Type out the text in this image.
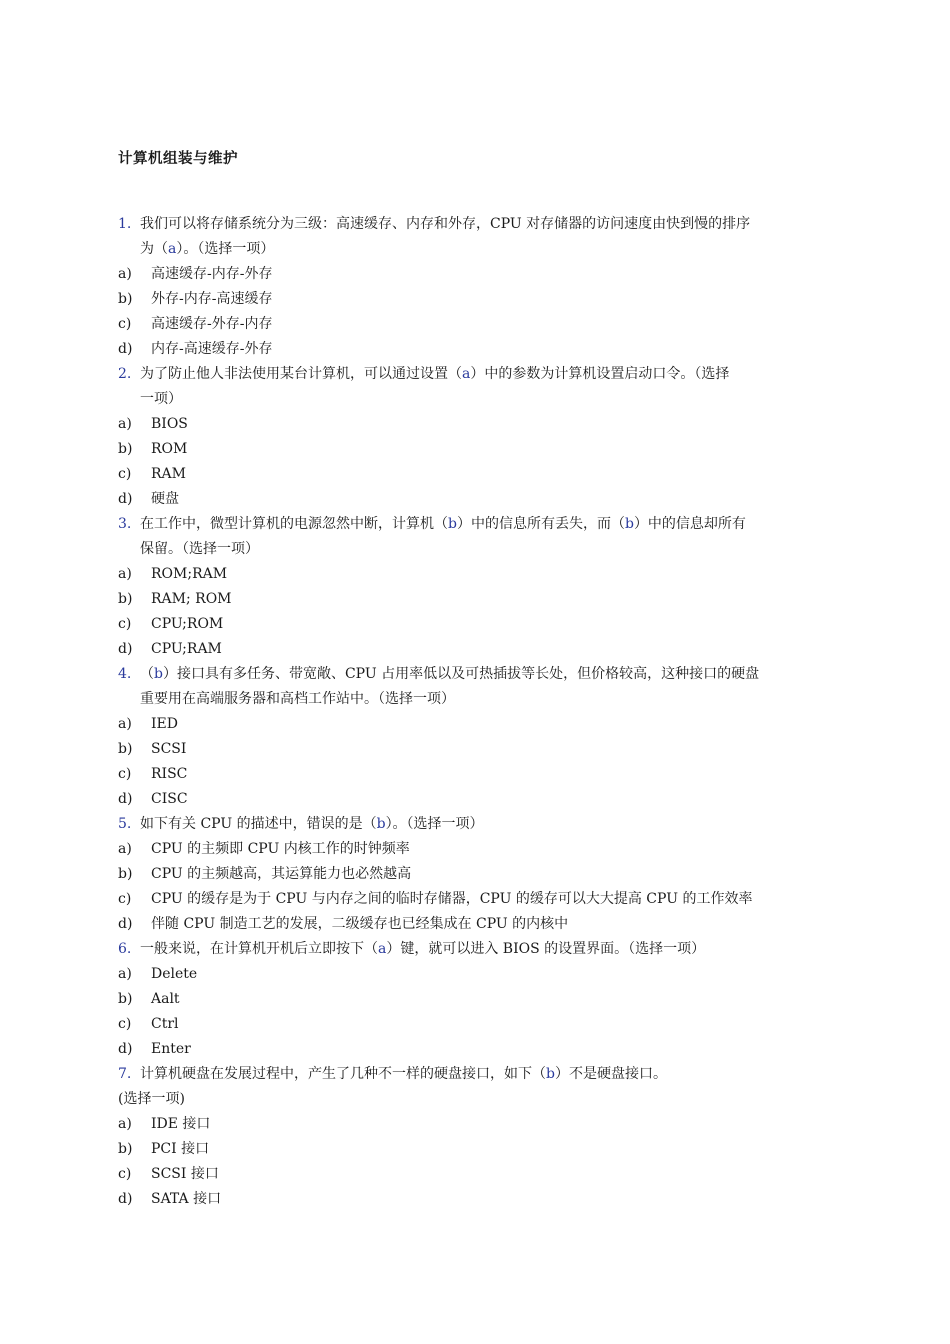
计算机组装与维护
1. 我们可以将存储系统分为三级：高速缓存、内存和外存，CPU 对存储器的访问速度由快到慢的排序
为（a）。（选择一项）
a) 高速缓存-内存-外存
b) 外存-内存-高速缓存
c) 高速缓存-外存-内存
d) 内存-高速缓存-外存
2. 为了防止他人非法使用某台计算机，可以通过设置（a）中的参数为计算机设置启动口令。（选择
一项）
a) BIOS
b) ROM
c) RAM
d) 硬盘
3. 在工作中，微型计算机的电源忽然中断，计算机（b）中的信息所有丢失，而（b）中的信息却所有
保留。（选择一项）
a) ROM;RAM
b) RAM; ROM
c) CPU;ROM
d) CPU;RAM
4. （b）接口具有多任务、带宽敞、CPU 占用率低以及可热插拔等长处，但价格较高，这种接口的硬盘
重要用在高端服务器和高档工作站中。（选择一项）
a) IED
b) SCSI
c) RISC
d) CISC
5. 如下有关 CPU 的描述中，错误的是（b）。（选择一项）
a) CPU 的主频即 CPU 内核工作的时钟频率
b) CPU 的主频越高，其运算能力也必然越高
c) CPU 的缓存是为于 CPU 与内存之间的临时存储器，CPU 的缓存可以大大提高 CPU 的工作效率
d) 伴随 CPU 制造工艺的发展，二级缓存也已经集成在 CPU 的内核中
6. 一般来说，在计算机开机后立即按下（a）键，就可以进入 BIOS 的设置界面。（选择一项）
a) Delete
b) Aalt
c) Ctrl
d) Enter
7. 计算机硬盘在发展过程中，产生了几种不一样的硬盘接口，如下（b）不是硬盘接口。
(选择一项)
a) IDE 接口
b) PCI 接口
c) SCSI 接口
d) SATA 接口
